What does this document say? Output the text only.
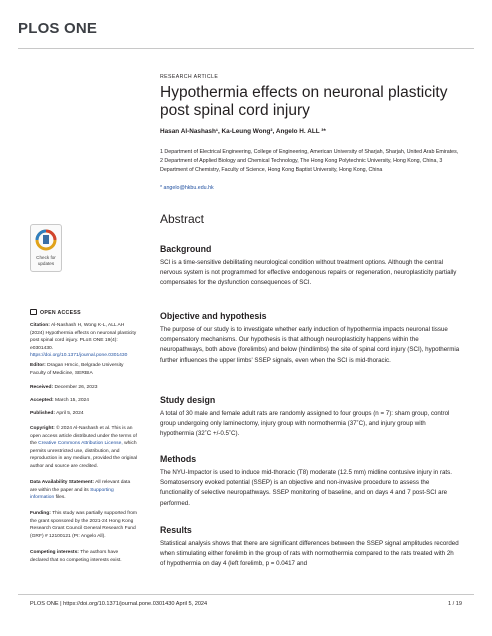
PLOS ONE
Check for updates
OPEN ACCESS
Citation: Al-Nashash H, Wong K-L, ALL AH (2024) Hypothermia effects on neuronal plasticity post spinal cord injury. PLoS ONE 19(4): e0301430. https://doi.org/10.1371/journal.pone.0301430
Editor: Dragan Hrncic, Belgrade University Faculty of Medicine, SERBIA
Received: December 26, 2023
Accepted: March 15, 2024
Published: April 5, 2024
Copyright: © 2024 Al-Nashash et al. This is an open access article distributed under the terms of the Creative Commons Attribution License, which permits unrestricted use, distribution, and reproduction in any medium, provided the original author and source are credited.
Data Availability Statement: All relevant data are within the paper and its Supporting information files.
Funding: This study was partially supported from the grant sponsored by the 2021-24 Hong Kong Research Grant Council General Research Fund (GRF) # 12100121 (PI: Angelo All).
Competing interests: The authors have declared that no competing interests exist.
RESEARCH ARTICLE
Hypothermia effects on neuronal plasticity post spinal cord injury
Hasan Al-Nashash¹, Ka-Leung Wong², Angelo H. ALL ³*
1 Department of Electrical Engineering, College of Engineering, American University of Sharjah, Sharjah, United Arab Emirates, 2 Department of Applied Biology and Chemical Technology, The Hong Kong Polytechnic University, Hong Kong, China, 3 Department of Chemistry, Faculty of Science, Hong Kong Baptist University, Hong Kong, China
* angelo@hkbu.edu.hk
Abstract
Background
SCI is a time-sensitive debilitating neurological condition without treatment options. Although the central nervous system is not programmed for effective endogenous repairs or regeneration, neuroplasticity partially compensates for the dysfunction consequences of SCI.
Objective and hypothesis
The purpose of our study is to investigate whether early induction of hypothermia impacts neuronal tissue compensatory mechanisms. Our hypothesis is that although neuroplasticity happens within the neuropathways, both above (forelimbs) and below (hindlimbs) the site of spinal cord injury (SCI), hypothermia further influences the upper limbs' SSEP signals, even when the SCI is mid-thoracic.
Study design
A total of 30 male and female adult rats are randomly assigned to four groups (n = 7): sham group, control group undergoing only laminectomy, injury group with normothermia (37˚C), and injury group with hypothermia (32˚C +/-0.5˚C).
Methods
The NYU-Impactor is used to induce mid-thoracic (T8) moderate (12.5 mm) midline contusive injury in rats. Somatosensory evoked potential (SSEP) is an objective and non-invasive procedure to assess the functionality of selective neuropathways. SSEP monitoring of baseline, and on days 4 and 7 post-SCI are performed.
Results
Statistical analysis shows that there are significant differences between the SSEP signal amplitudes recorded when stimulating either forelimb in the group of rats with normothermia compared to the rats treated with 2h of hypothermia on day 4 (left forelimb, p = 0.0417 and
PLOS ONE | https://doi.org/10.1371/journal.pone.0301430 April 5, 2024	1 / 19
